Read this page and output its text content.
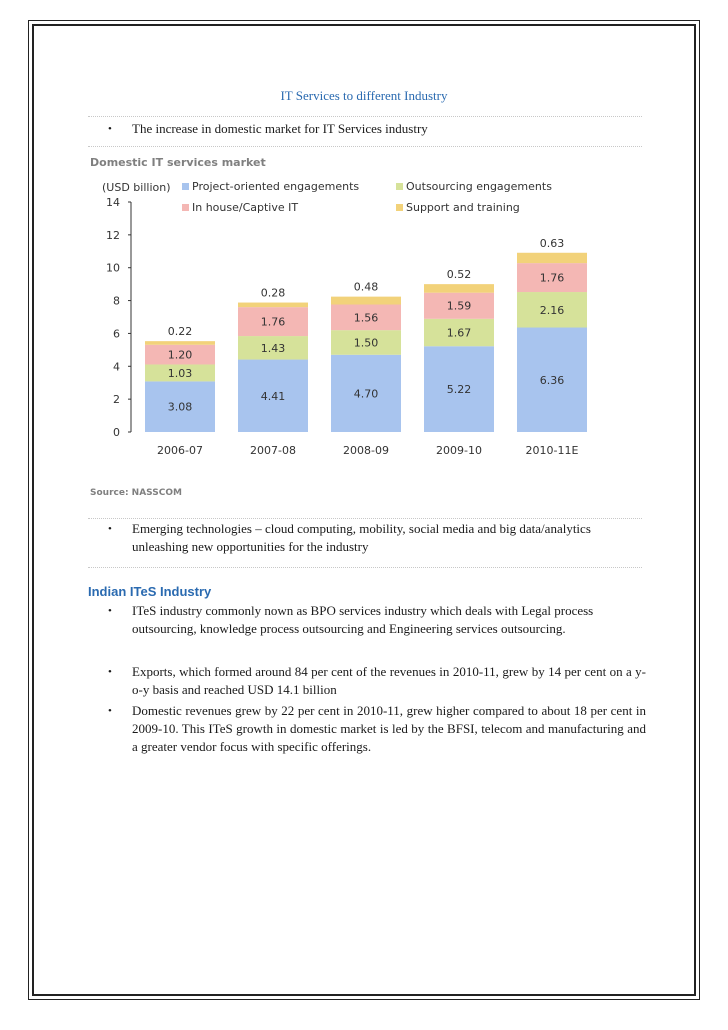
IT Services to different Industry
•	The increase in domestic market for IT Services industry
Domestic IT services market
(USD billion)
Source: NASSCOM
Project-oriented engagements	Outsourcing engagements
In house/Captive IT	Support and training
0
2
4
6
8
10
12
14
3.08
1.03
1.20
0.22
2006-07
4.41
1.43
1.76
0.28
2007-08
4.70
1.50
1.56
0.48
2008-09
5.22
1.67
1.59
0.52
2009-10
6.36
2.16
1.76
0.63
2010-11E
•	Emerging technologies – cloud computing, mobility, social media and big data/analytics unleashing new opportunities for the industry
Indian ITeS Industry
•	ITeS industry commonly nown as BPO services industry which deals with Legal process outsourcing, knowledge process outsourcing and Engineering services outsourcing.
•	Exports, which formed around 84 per cent of the revenues in 2010-11, grew by 14 per cent on a y-o-y basis and reached USD 14.1 billion
•	Domestic revenues grew by 22 per cent in 2010-11, grew higher compared to about 18 per cent in 2009-10. This ITeS growth in domestic market is led by the BFSI, telecom and manufacturing and a greater vendor focus with specific offerings.
